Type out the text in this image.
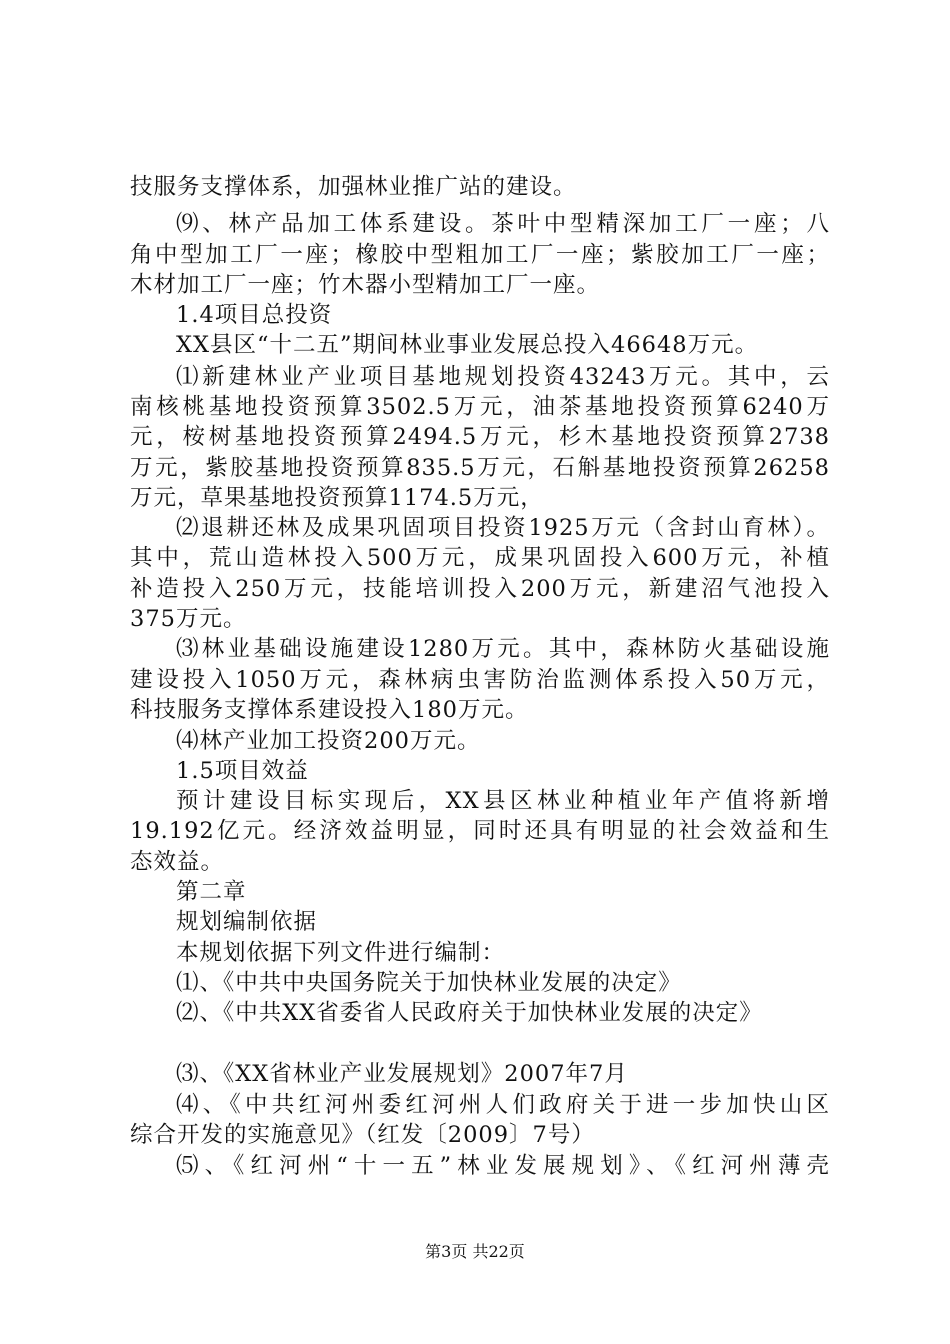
技服务支撑体系，加强林业推广站的建设。
⑼、林产品加工体系建设。茶叶中型精深加工厂一座；八
角中型加工厂一座；橡胶中型粗加工厂一座；紫胶加工厂一座；
木材加工厂一座；竹木器小型精加工厂一座。
1.4项目总投资
XX县区“十二五”期间林业事业发展总投入46648万元。
⑴新建林业产业项目基地规划投资43243万元。其中，云
南核桃基地投资预算3502.5万元，油茶基地投资预算6240万
元，桉树基地投资预算2494.5万元，杉木基地投资预算2738
万元，紫胶基地投资预算835.5万元，石斛基地投资预算26258
万元，草果基地投资预算1174.5万元，
⑵退耕还林及成果巩固项目投资1925万元（含封山育林）。
其中，荒山造林投入500万元，成果巩固投入600万元，补植
补造投入250万元，技能培训投入200万元，新建沼气池投入
375万元。
⑶林业基础设施建设1280万元。其中，森林防火基础设施
建设投入1050万元，森林病虫害防治监测体系投入50万元，
科技服务支撑体系建设投入180万元。
⑷林产业加工投资200万元。
1.5项目效益
预计建设目标实现后，XX县区林业种植业年产值将新增
19.192亿元。经济效益明显，同时还具有明显的社会效益和生
态效益。
第二章
规划编制依据
本规划依据下列文件进行编制：
⑴、《中共中央国务院关于加快林业发展的决定》
⑵、《中共XX省委省人民政府关于加快林业发展的决定》
⑶、《XX省林业产业发展规划》2007年7月
⑷、《中共红河州委红河州人们政府关于进一步加快山区
综合开发的实施意见》（红发〔2009〕7号）
⑸、《红河州“十一五”林业发展规划》、《红河州薄壳
第3页 共22页
